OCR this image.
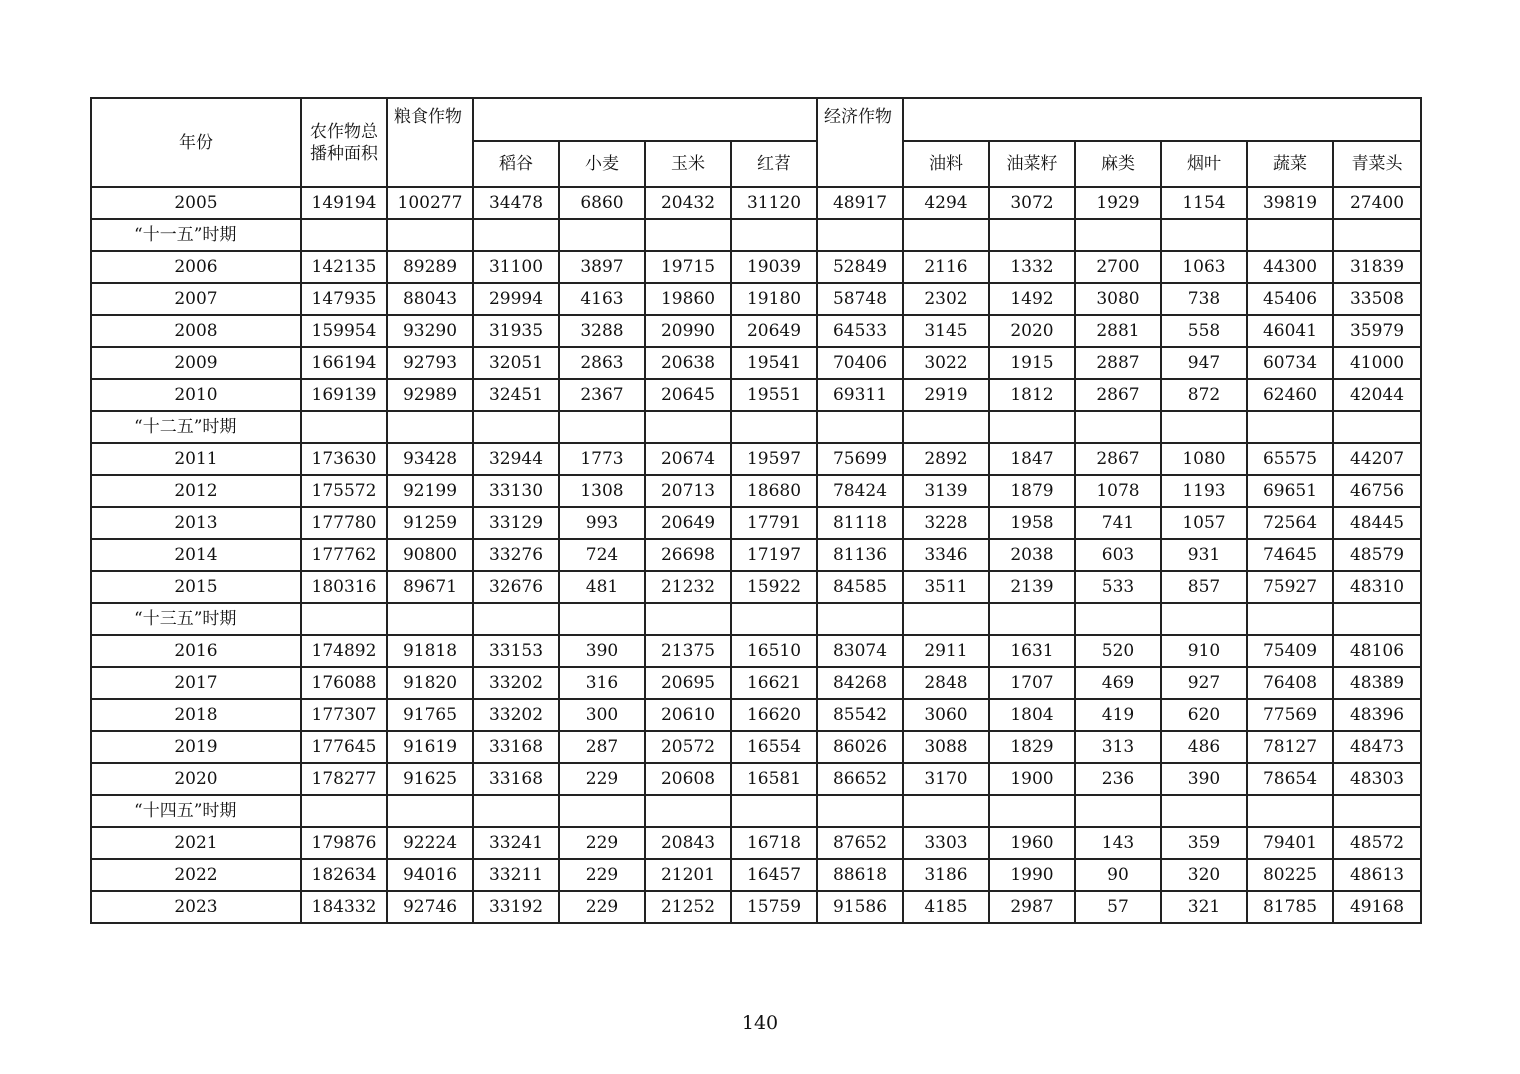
年份	农作物总播种面积	粮食作物					经济作物						
			稻谷	小麦	玉米	红苕		油料	油菜籽	麻类	烟叶	蔬菜	青菜头
2005	149194	100277	34478	6860	20432	31120	48917	4294	3072	1929	1154	39819	27400
“十一五”时期													
2006	142135	89289	31100	3897	19715	19039	52849	2116	1332	2700	1063	44300	31839
2007	147935	88043	29994	4163	19860	19180	58748	2302	1492	3080	738	45406	33508
2008	159954	93290	31935	3288	20990	20649	64533	3145	2020	2881	558	46041	35979
2009	166194	92793	32051	2863	20638	19541	70406	3022	1915	2887	947	60734	41000
2010	169139	92989	32451	2367	20645	19551	69311	2919	1812	2867	872	62460	42044
“十二五”时期													
2011	173630	93428	32944	1773	20674	19597	75699	2892	1847	2867	1080	65575	44207
2012	175572	92199	33130	1308	20713	18680	78424	3139	1879	1078	1193	69651	46756
2013	177780	91259	33129	993	20649	17791	81118	3228	1958	741	1057	72564	48445
2014	177762	90800	33276	724	26698	17197	81136	3346	2038	603	931	74645	48579
2015	180316	89671	32676	481	21232	15922	84585	3511	2139	533	857	75927	48310
“十三五”时期													
2016	174892	91818	33153	390	21375	16510	83074	2911	1631	520	910	75409	48106
2017	176088	91820	33202	316	20695	16621	84268	2848	1707	469	927	76408	48389
2018	177307	91765	33202	300	20610	16620	85542	3060	1804	419	620	77569	48396
2019	177645	91619	33168	287	20572	16554	86026	3088	1829	313	486	78127	48473
2020	178277	91625	33168	229	20608	16581	86652	3170	1900	236	390	78654	48303
“十四五”时期													
2021	179876	92224	33241	229	20843	16718	87652	3303	1960	143	359	79401	48572
2022	182634	94016	33211	229	21201	16457	88618	3186	1990	90	320	80225	48613
2023	184332	92746	33192	229	21252	15759	91586	4185	2987	57	321	81785	49168
140
